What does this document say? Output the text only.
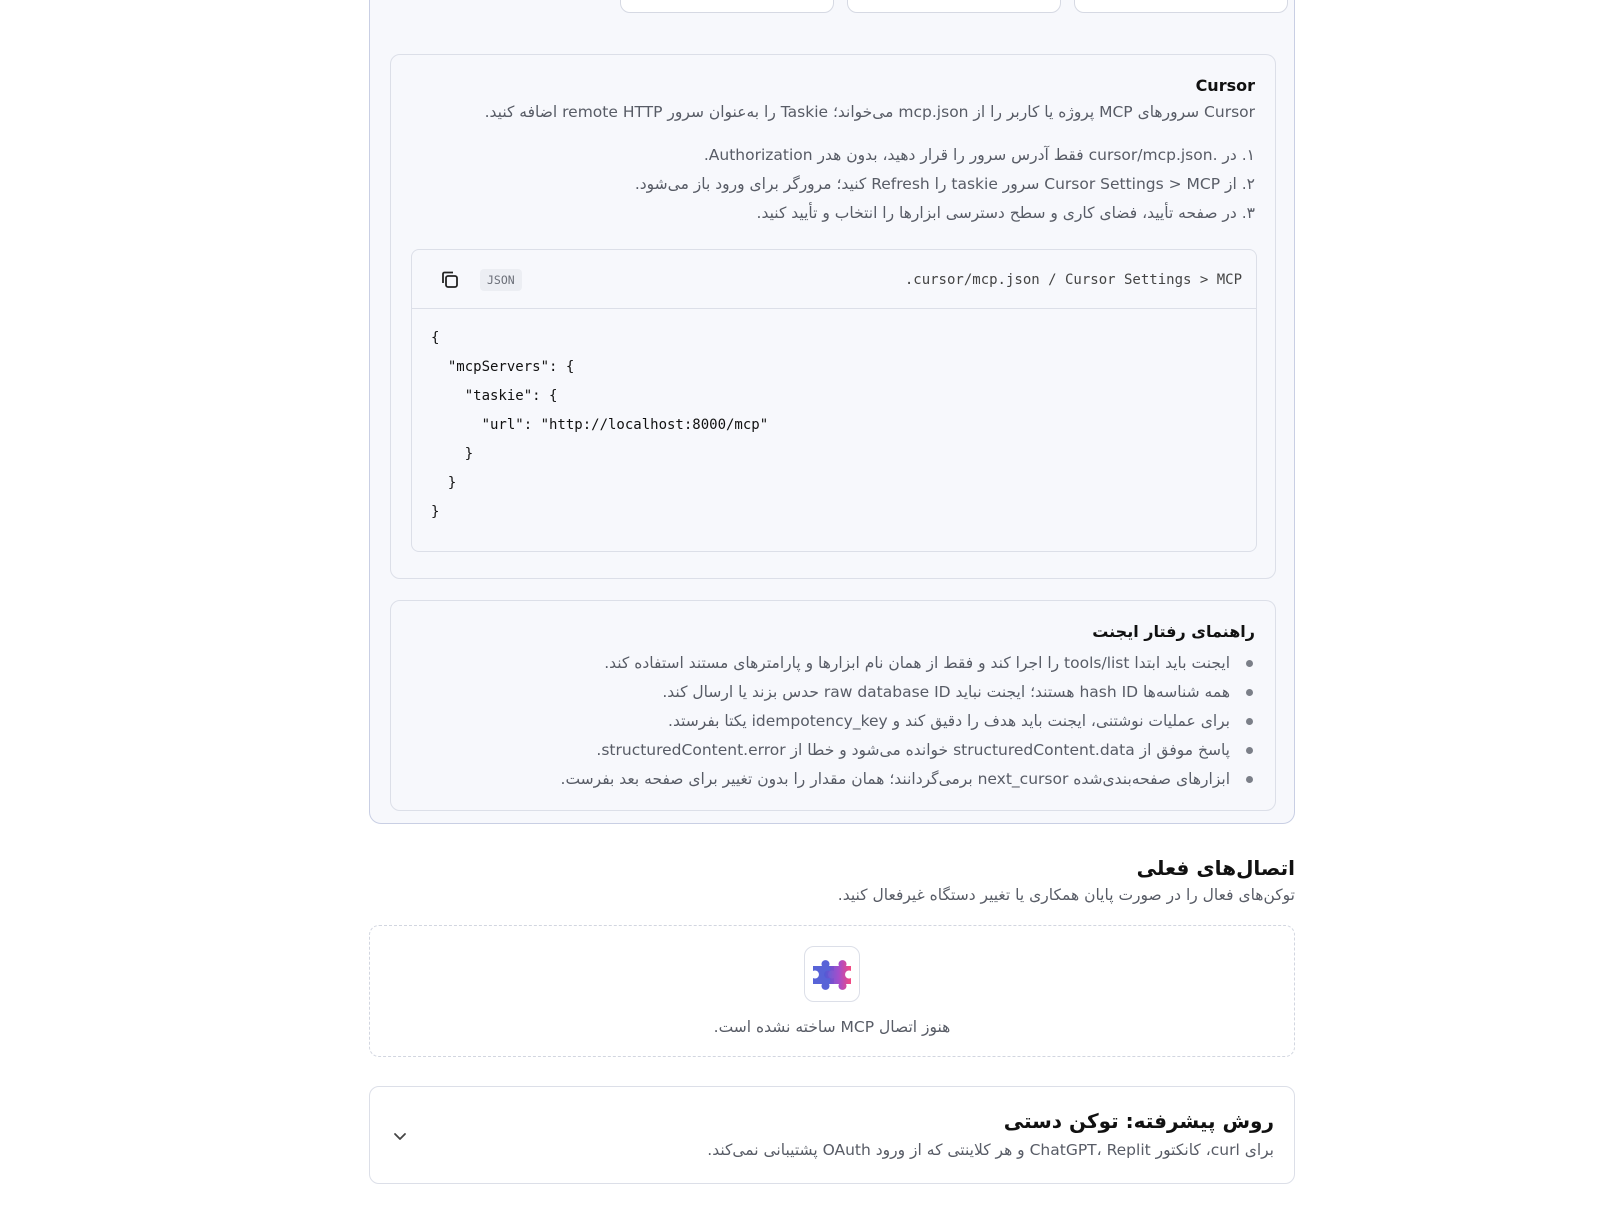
Cursor
Cursor سرورهای MCP پروژه یا کاربر را از mcp.json می‌خواند؛ Taskie را به‌عنوان سرور remote HTTP اضافه کنید.
۱. در .cursor/mcp.json فقط آدرس سرور را قرار دهید، بدون هدر Authorization.
۲. از Cursor Settings > MCP سرور taskie را Refresh کنید؛ مرورگر برای ورود باز می‌شود.
۳. در صفحه تأیید، فضای کاری و سطح دسترسی ابزارها را انتخاب و تأیید کنید.
JSON	.cursor/mcp.json / Cursor Settings > MCP
{
"mcpServers": {
"taskie": {
"url": "http://localhost:8000/mcp"
}
}
}
راهنمای رفتار ایجنت
ایجنت باید ابتدا tools/list را اجرا کند و فقط از همان نام ابزارها و پارامترهای مستند استفاده کند.
همه شناسه‌ها hash ID هستند؛ ایجنت نباید raw database ID حدس بزند یا ارسال کند.
برای عملیات نوشتنی، ایجنت باید هدف را دقیق کند و idempotency_key یکتا بفرستد.
پاسخ موفق از structuredContent.data خوانده می‌شود و خطا از structuredContent.error.
ابزارهای صفحه‌بندی‌شده next_cursor برمی‌گردانند؛ همان مقدار را بدون تغییر برای صفحه بعد بفرست.
اتصال‌های فعلی
توکن‌های فعال را در صورت پایان همکاری یا تغییر دستگاه غیرفعال کنید.
هنوز اتصال MCP ساخته نشده است.
روش پیشرفته: توکن دستی
برای curl، کانکتور ChatGPT، Replit و هر کلاینتی که از ورود OAuth پشتیبانی نمی‌کند.
